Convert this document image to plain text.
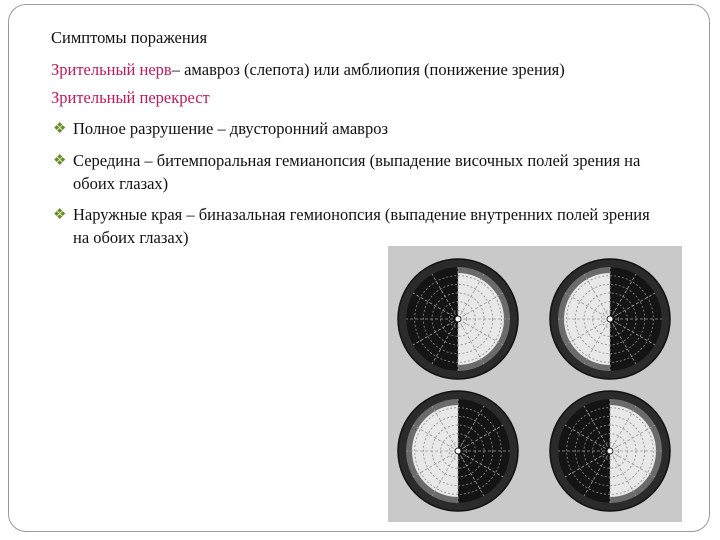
Симптомы поражения
Зрительный нерв– амавроз (слепота) или амблиопия (понижение зрения)
Зрительный перекрест
❖ Полное разрушение – двусторонний амавроз
❖ Середина – битемпоральная гемианопсия (выпадение височных полей зрения на обоих глазах)
❖ Наружные края – биназальная гемионопсия (выпадение внутренних полей зрения на обоих глазах)
